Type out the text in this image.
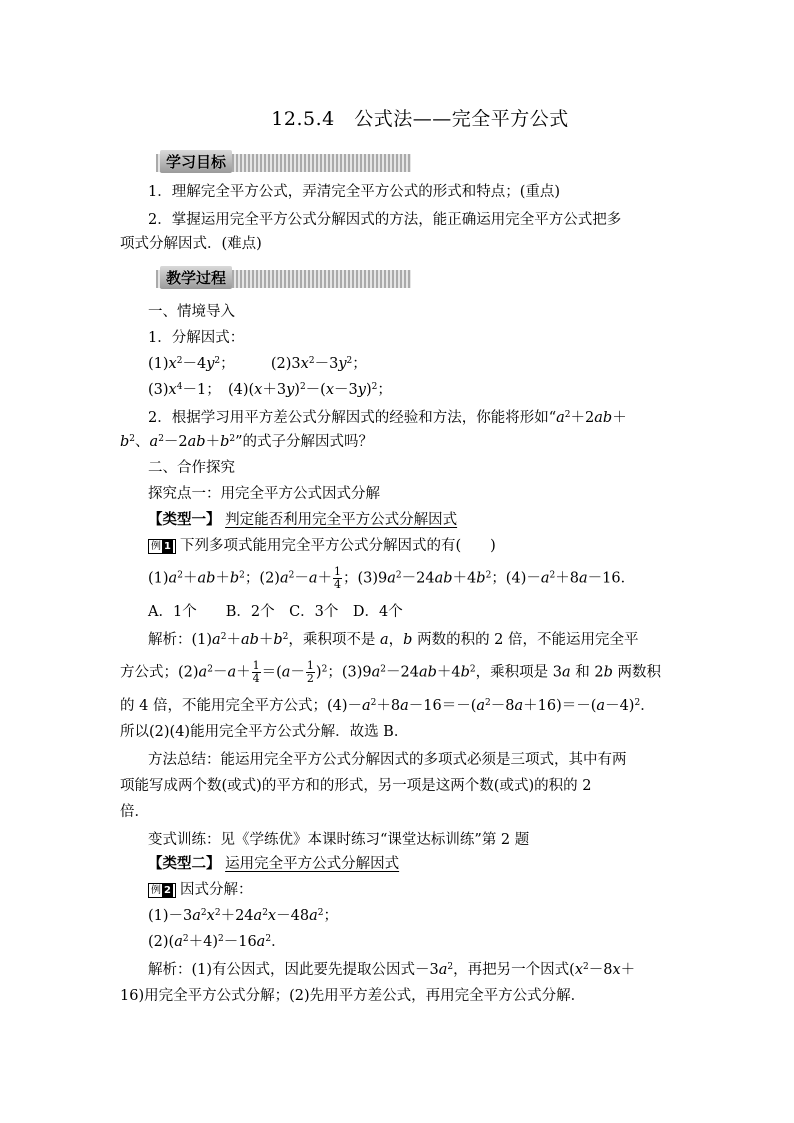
12.5.4　公式法——完全平方公式
学习目标
1．理解完全平方公式，弄清完全平方公式的形式和特点；(重点)
2．掌握运用完全平方公式分解因式的方法，能正确运用完全平方公式把多
项式分解因式．(难点)
教学过程
一、情境导入
1．分解因式：
$(1)x^2-4y^2$；　　　$(2)3x^2-3y^2$；
$(3)x^4-1$；　$(4)(x+3y)^2-(x-3y)^2$；
2．根据学习用平方差公式分解因式的经验和方法，你能将形如“$a^2+2ab+$
$b^2$、$a^2-2ab+b^2$”的式子分解因式吗？
二、合作探究
探究点一：用完全平方公式因式分解
【类型一】 判定能否利用完全平方公式分解因式
例 1 下列多项式能用完全平方公式分解因式的有(　　)
$(1)a^2+ab+b^2$；$(2)a^2-a+ \frac{1}{4}$ ；$(3)9a^2-24ab+4b^2$；$(4)-a^2+8a-16$．
A．1个　　B．2个　C．3个　D．4个
解析：$(1)a^2+ab+b^2$，乘积项不是 a，b 两数的积的 2 倍，不能运用完全平
方公式；$(2)a^2-a+ \frac{1}{4} =(a- \frac{1}{2} )^2$；$(3)9a^2-24ab+4b^2$，乘积项是 3a 和 2b 两数积
的 4 倍，不能用完全平方公式；$(4)-a^2+8a-16=-(a^2-8a+16)=-(a-4)^2$．
所以(2)(4)能用完全平方公式分解．故选 B．
方法总结：能运用完全平方公式分解因式的多项式必须是三项式，其中有两
项能写成两个数(或式)的平方和的形式，另一项是这两个数(或式)的积的 2
倍．
变式训练：见《学练优》本课时练习“课堂达标训练”第 2 题
【类型二】 运用完全平方公式分解因式
例 2 因式分解：
$(1)-3a^2x^2+24a^2x-48a^2$；
$(2)(a^2+4)^2-16a^2$．
解析：(1)有公因式，因此要先提取公因式$-3a^2$，再把另一个因式($x^2-8x+$
16)用完全平方公式分解；(2)先用平方差公式，再用完全平方公式分解．
